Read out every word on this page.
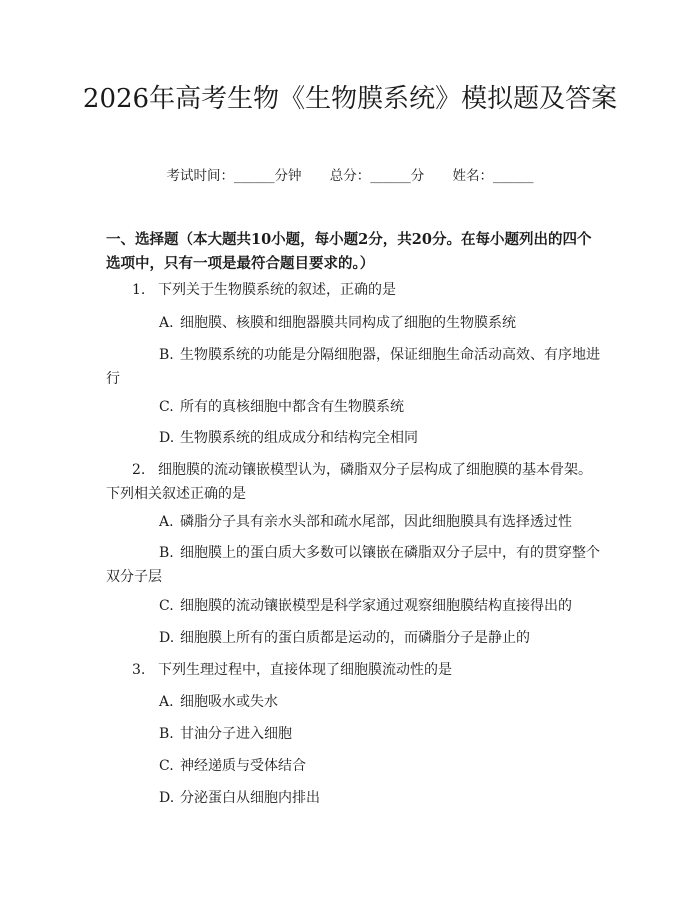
2026年高考生物《生物膜系统》模拟题及答案
考试时间：______分钟 总分：______分 姓名：______

一、选择题（本大题共10小题，每小题2分，共20分。在每小题列出的四个选项中，只有一项是最符合题目要求的。）

1. 下列关于生物膜系统的叙述，正确的是

A. 细胞膜、核膜和细胞器膜共同构成了细胞的生物膜系统

B. 生物膜系统的功能是分隔细胞器，保证细胞生命活动高效、有序地进行

C. 所有的真核细胞中都含有生物膜系统

D. 生物膜系统的组成成分和结构完全相同

2. 细胞膜的流动镶嵌模型认为，磷脂双分子层构成了细胞膜的基本骨架。下列相关叙述正确的是

A. 磷脂分子具有亲水头部和疏水尾部，因此细胞膜具有选择透过性

B. 细胞膜上的蛋白质大多数可以镶嵌在磷脂双分子层中，有的贯穿整个双分子层

C. 细胞膜的流动镶嵌模型是科学家通过观察细胞膜结构直接得出的

D. 细胞膜上所有的蛋白质都是运动的，而磷脂分子是静止的

3. 下列生理过程中，直接体现了细胞膜流动性的是

A. 细胞吸水或失水

B. 甘油分子进入细胞

C. 神经递质与受体结合

D. 分泌蛋白从细胞内排出
